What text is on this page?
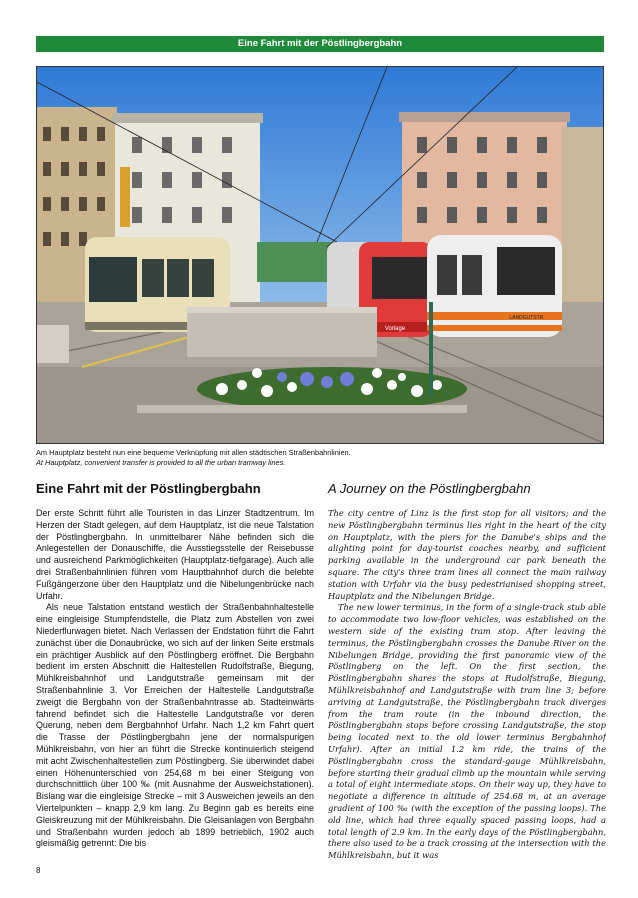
Eine Fahrt mit der Pöstlingbergbahn
Vorlage
LANDGUTSTR.
Am Hauptplatz besteht nun eine bequeme Verknüpfung mit allen städtischen Straßenbahnlinien.
At Hauptplatz, convenient transfer is provided to all the urban tramway lines.
Eine Fahrt mit der Pöstlingbergbahn	A Journey on the Pöstlingbergbahn

Der erste Schritt führt alle Touristen in das Linzer Stadtzentrum. Im Herzen der Stadt gelegen, auf dem Hauptplatz, ist die neue Talstation der Pöstlingbergbahn. In unmittelbarer Nähe befinden sich die Anlegestellen der Donauschiffe, die Ausstiegsstelle der Reisebusse und ausreichend Parkmöglichkeiten (Hauptplatz-tiefgarage). Auch alle drei Straßenbahnlinien führen vom Hauptbahnhof durch die belebte Fußgängerzone über den Hauptplatz und die Nibelungenbrücke nach Urfahr.

Als neue Talstation entstand westlich der Straßenbahnhaltestelle eine eingleisige Stumpfendstelle, die Platz zum Abstellen von zwei Niederflurwagen bietet. Nach Verlassen der Endstation führt die Fahrt zunächst über die Donaubrücke, wo sich auf der linken Seite erstmals ein prächtiger Ausblick auf den Pöstlingberg eröffnet. Die Bergbahn bedient im ersten Abschnitt die Haltestellen Rudolfstraße, Biegung, Mühlkreisbahnhof und Landgutstraße gemeinsam mit der Straßenbahnlinie 3. Vor Erreichen der Haltestelle Landgutstraße zweigt die Bergbahn von der Straßenbahntrasse ab. Stadteinwärts fahrend befindet sich die Haltestelle Landgutstraße vor deren Querung, neben dem Bergbahnhof Urfahr. Nach 1,2 km Fahrt quert die Trasse der Pöstlingbergbahn jene der normalspurigen Mühlkreisbahn, von hier an führt die Strecke kontinuierlich steigend mit acht Zwischenhaltestellen zum Pöstlingberg. Sie überwindet dabei einen Höhenunterschied von 254,68 m bei einer Steigung von durchschnittlich über 100 ‰ (mit Ausnahme der Ausweichstationen). Bislang war die eingleisige Strecke – mit 3 Ausweichen jeweils an den Viertelpunkten – knapp 2,9 km lang. Zu Beginn gab es bereits eine Gleiskreuzung mit der Mühlkreisbahn. Die Gleisanlagen von Bergbahn und Straßenbahn wurden jedoch ab 1899 betrieblich, 1902 auch gleismäßig getrennt: Die bis

The city centre of Linz is the first stop for all visitors; and the new Pöstlingbergbahn terminus lies right in the heart of the city on Hauptplatz, with the piers for the Danube's ships and the alighting point for day-tourist coaches nearby, and sufficient parking available in the underground car park beneath the square. The city's three tram lines all connect the main railway station with Urfahr via the busy pedestrianised shopping street, Hauptplatz and the Nibelungen Bridge.

The new lower terminus, in the form of a single-track stub able to accommodate two low-floor vehicles, was established on the western side of the existing tram stop. After leaving the terminus, the Pöstlingbergbahn crosses the Danube River on the Nibelungen Bridge, providing the first panoramic view of the Pöstlingberg on the left. On the first section, the Pöstlingbergbahn shares the stops at Rudolfstraße, Biegung, Mühlkreisbahnhof and Landgutstraße with tram line 3; before arriving at Landgutstraße, the Pöstlingbergbahn track diverges from the tram route (in the inbound direction, the Pöstlingbergbahn stops before crossing Landgutstraße, the stop being located next to the old lower terminus Bergbahnhof Urfahr). After an initial 1.2 km ride, the trains of the Pöstlingbergbahn cross the standard-gauge Mühlkreisbahn, before starting their gradual climb up the mountain while serving a total of eight intermediate stops. On their way up, they have to negotiate a difference in altitude of 254.68 m, at an average gradient of 100 ‰ (with the exception of the passing loops). The old line, which had three equally spaced passing loops, had a total length of 2.9 km. In the early days of the Pöstlingbergbahn, there also used to be a track crossing at the intersection with the Mühlkreisbahn, but it was

8
